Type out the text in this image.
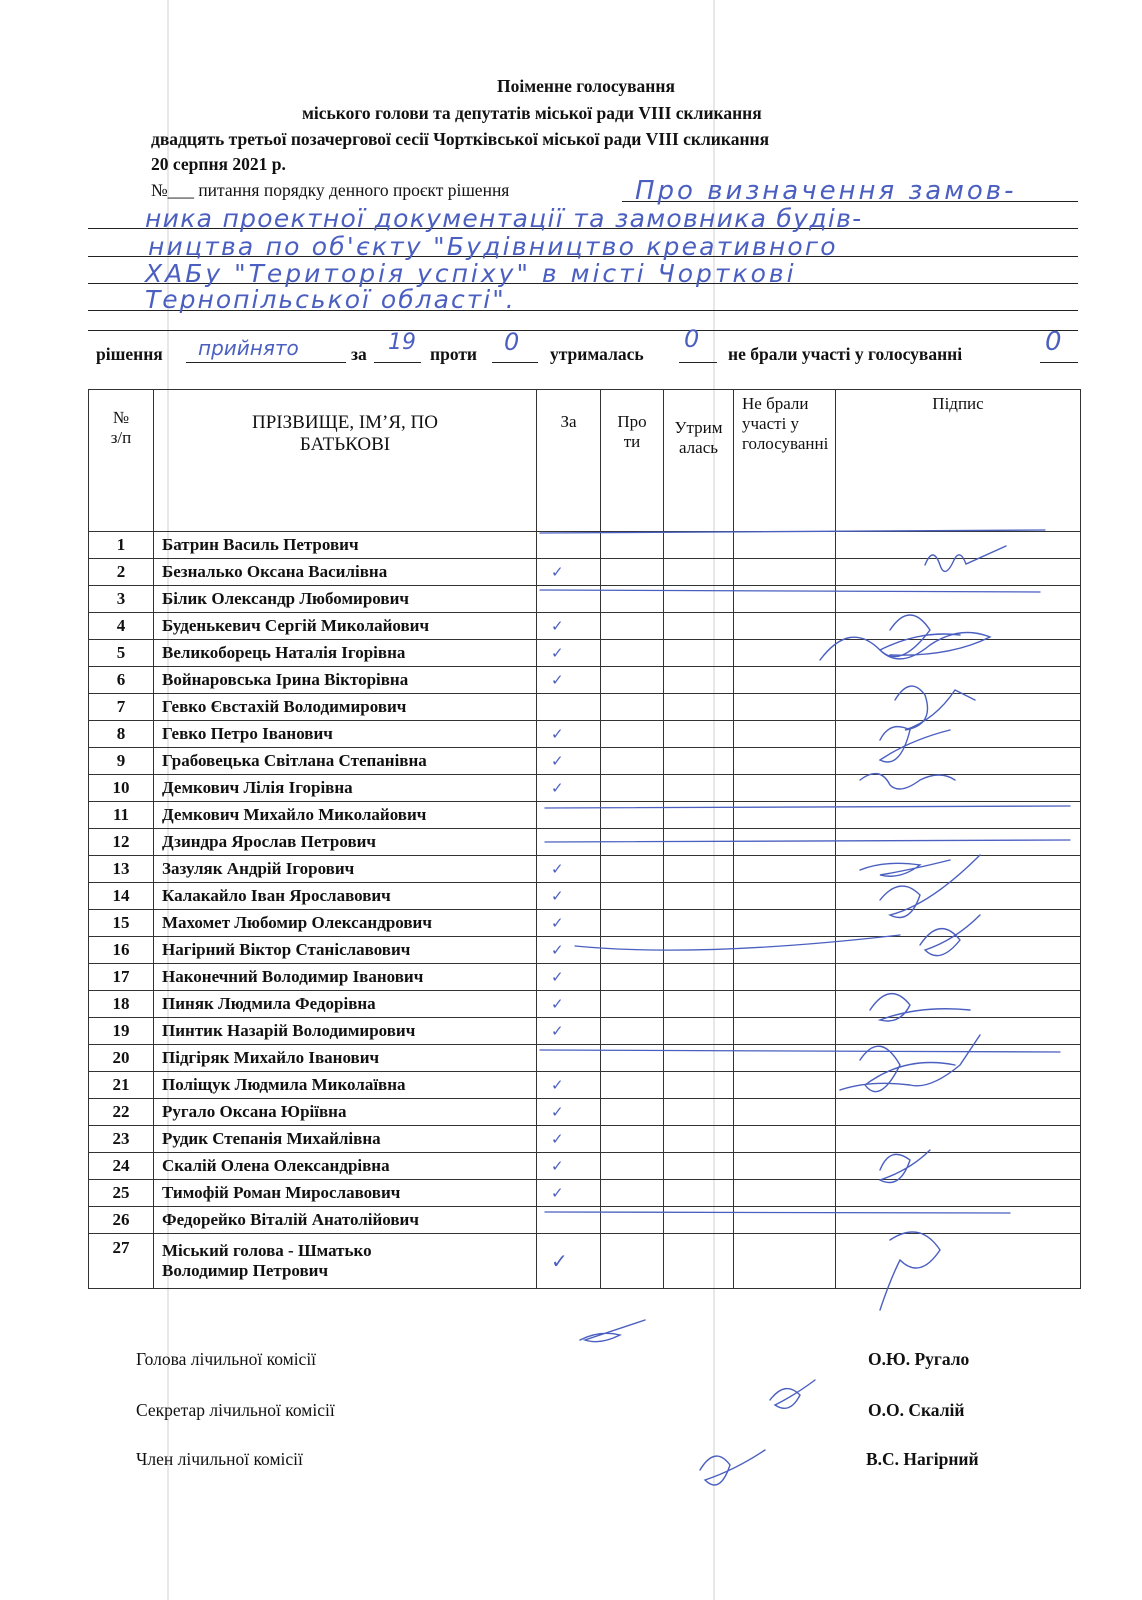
Поіменне голосування
міського голови та депутатів міської ради VIII скликання
двадцять третьої позачергової сесії Чортківської міської ради VIII скликання
20 серпня 2021 р.
№___ питання порядку денного проєкт рішення	Про визначення замов-
ника проектної документації та замовника будів-
ництва по об'єкту "Будівництво креативного
ХАБу "Територія успіху" в місті Чорткові
Тернопільської області".
рішення прийнято	за 19 проти 0 утрималась
0
не брали участі у голосуванні	0
№ з/п	ПРІЗВИЩЕ, ІМ’Я, ПО БАТЬКОВІ	За	Проти	Утрималась	Не брали участі у голосуванні	Підпис
1	Батрин Василь Петрович					
2	Безналько Оксана Василівна	✓				
3	Білик Олександр Любомирович					
4	Буденькевич Сергій Миколайович	✓				
5	Великоборець Наталія Ігорівна	✓				
6	Войнаровська Ірина Вікторівна	✓				
7	Гевко Євстахій Володимирович					
8	Гевко Петро Іванович	✓				
9	Грабовецька Світлана Степанівна	✓				
10	Демкович Лілія Ігорівна	✓				
11	Демкович Михайло Миколайович					
12	Дзиндра Ярослав Петрович					
13	Зазуляк Андрій Ігорович	✓				
14	Калакайло Іван Ярославович	✓				
15	Махомет Любомир Олександрович	✓				
16	Нагірний Віктор Станіславович	✓				
17	Наконечний Володимир Іванович	✓				
18	Пиняк Людмила Федорівна	✓				
19	Пинтик Назарій Володимирович	✓				
20	Підгіряк Михайло Іванович					
21	Поліщук Людмила Миколаївна	✓				
22	Ругало Оксана Юріївна	✓				
23	Рудик Степанія Михайлівна	✓				
24	Скалій Олена Олександрівна	✓				
25	Тимофій Роман Мирославович	✓				
26	Федорейко Віталій Анатолійович					
27	Міський голова - Шматько
Володимир Петрович	✓				
Голова лічильної комісії	О.Ю. Ругало
Секретар лічильної комісії	О.О. Скалій
Член лічильної комісії	В.С. Нагірний
